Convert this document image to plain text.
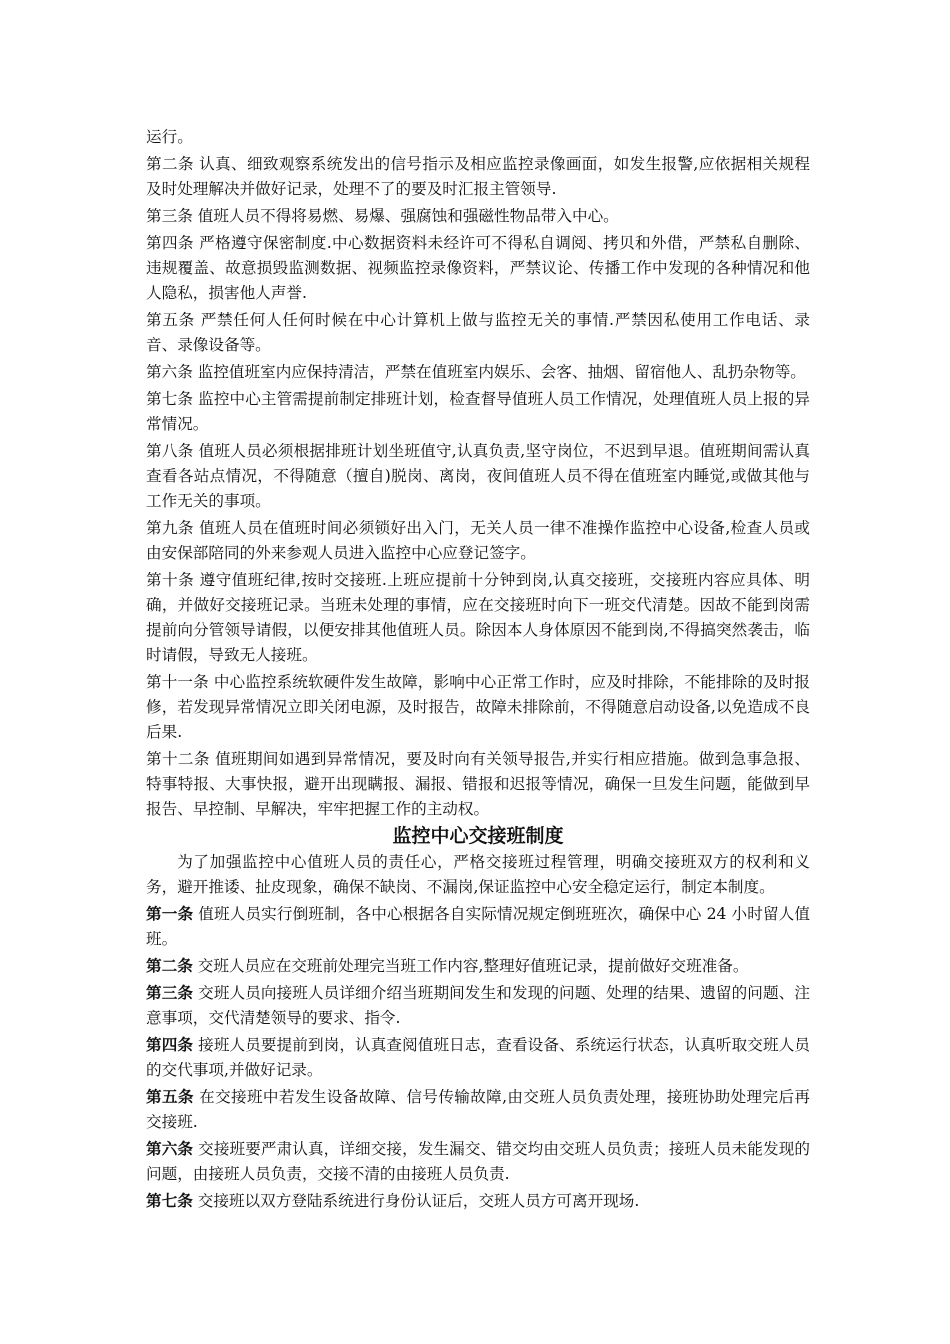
运行。

第二条 认真、细致观察系统发出的信号指示及相应监控录像画面，如发生报警,应依据相关规程及时处理解决并做好记录，处理不了的要及时汇报主管领导.

第三条 值班人员不得将易燃、易爆、强腐蚀和强磁性物品带入中心。

第四条 严格遵守保密制度.中心数据资料未经许可不得私自调阅、拷贝和外借，严禁私自删除、违规覆盖、故意损毁监测数据、视频监控录像资料，严禁议论、传播工作中发现的各种情况和他人隐私，损害他人声誉.

第五条 严禁任何人任何时候在中心计算机上做与监控无关的事情.严禁因私使用工作电话、录音、录像设备等。

第六条 监控值班室内应保持清洁，严禁在值班室内娱乐、会客、抽烟、留宿他人、乱扔杂物等。

第七条 监控中心主管需提前制定排班计划，检查督导值班人员工作情况，处理值班人员上报的异常情况。

第八条 值班人员必须根据排班计划坐班值守,认真负责,坚守岗位，不迟到早退。值班期间需认真查看各站点情况，不得随意（擅自)脱岗、离岗，夜间值班人员不得在值班室内睡觉,或做其他与工作无关的事项。

第九条 值班人员在值班时间必须锁好出入门，无关人员一律不准操作监控中心设备,检查人员或由安保部陪同的外来参观人员进入监控中心应登记签字。

第十条 遵守值班纪律,按时交接班.上班应提前十分钟到岗,认真交接班，交接班内容应具体、明确，并做好交接班记录。当班未处理的事情，应在交接班时向下一班交代清楚。因故不能到岗需提前向分管领导请假，以便安排其他值班人员。除因本人身体原因不能到岗,不得搞突然袭击，临时请假，导致无人接班。

第十一条 中心监控系统软硬件发生故障，影响中心正常工作时，应及时排除，不能排除的及时报修，若发现异常情况立即关闭电源，及时报告，故障未排除前，不得随意启动设备,以免造成不良后果.

第十二条 值班期间如遇到异常情况，要及时向有关领导报告,并实行相应措施。做到急事急报、特事特报、大事快报，避开出现瞒报、漏报、错报和迟报等情况，确保一旦发生问题，能做到早报告、早控制、早解决，牢牢把握工作的主动权。

监控中心交接班制度

为了加强监控中心值班人员的责任心，严格交接班过程管理，明确交接班双方的权利和义务，避开推诿、扯皮现象，确保不缺岗、不漏岗,保证监控中心安全稳定运行，制定本制度。

第一条 值班人员实行倒班制，各中心根据各自实际情况规定倒班班次，确保中心 24 小时留人值班。

第二条 交班人员应在交班前处理完当班工作内容,整理好值班记录，提前做好交班准备。

第三条 交班人员向接班人员详细介绍当班期间发生和发现的问题、处理的结果、遗留的问题、注意事项，交代清楚领导的要求、指令.

第四条 接班人员要提前到岗，认真查阅值班日志，查看设备、系统运行状态，认真听取交班人员的交代事项,并做好记录。

第五条 在交接班中若发生设备故障、信号传输故障,由交班人员负责处理，接班协助处理完后再交接班.

第六条 交接班要严肃认真，详细交接，发生漏交、错交均由交班人员负责；接班人员未能发现的问题，由接班人员负责，交接不清的由接班人员负责.

第七条 交接班以双方登陆系统进行身份认证后，交班人员方可离开现场.
